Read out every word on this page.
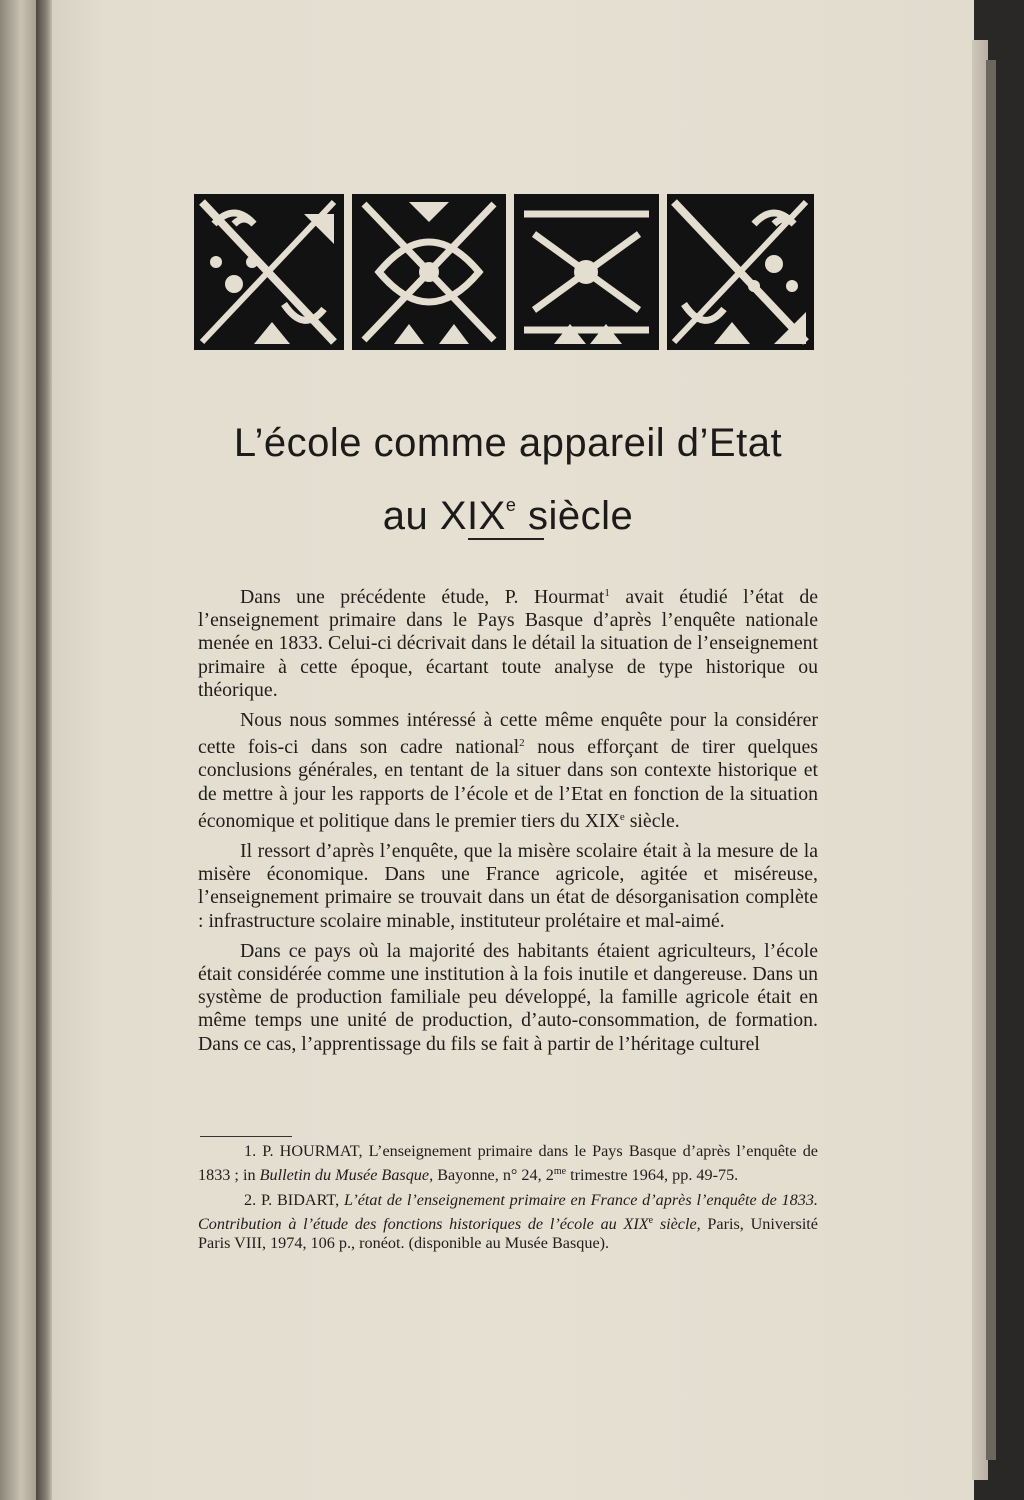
L’école comme appareil d’Etat
au XIXe siècle

Dans une précédente étude, P. Hourmat$^1$ avait étudié l’état de l’enseignement primaire dans le Pays Basque d’après l’enquête nationale menée en 1833. Celui-ci décrivait dans le détail la situation de l’enseignement primaire à cette époque, écartant toute analyse de type historique ou théorique.

Nous nous sommes intéressé à cette même enquête pour la considérer cette fois-ci dans son cadre national$^2$ nous efforçant de tirer quelques conclusions générales, en tentant de la situer dans son contexte historique et de mettre à jour les rapports de l’école et de l’Etat en fonction de la situation économique et politique dans le premier tiers du XIXe siècle.

Il ressort d’après l’enquête, que la misère scolaire était à la mesure de la misère économique. Dans une France agricole, agitée et miséreuse, l’enseignement primaire se trouvait dans un état de désorganisation complète : infrastructure scolaire minable, instituteur prolétaire et mal-aimé.

Dans ce pays où la majorité des habitants étaient agriculteurs, l’école était considérée comme une institution à la fois inutile et dangereuse. Dans un système de production familiale peu développé, la famille agricole était en même temps une unité de production, d’auto-consommation, de formation. Dans ce cas, l’apprentissage du fils se fait à partir de l’héritage culturel

1. P. HOURMAT, L’enseignement primaire dans le Pays Basque d’après l’enquête de 1833 ; in Bulletin du Musée Basque, Bayonne, n° 24, $2^{me}$ trimestre 1964, pp. 49-75.

2. P. BIDART, L’état de l’enseignement primaire en France d’après l’enquête de 1833. Contribution à l’étude des fonctions historiques de l’école au XIXe siècle, Paris, Université Paris VIII, 1974, 106 p., ronéot. (disponible au Musée Basque).
